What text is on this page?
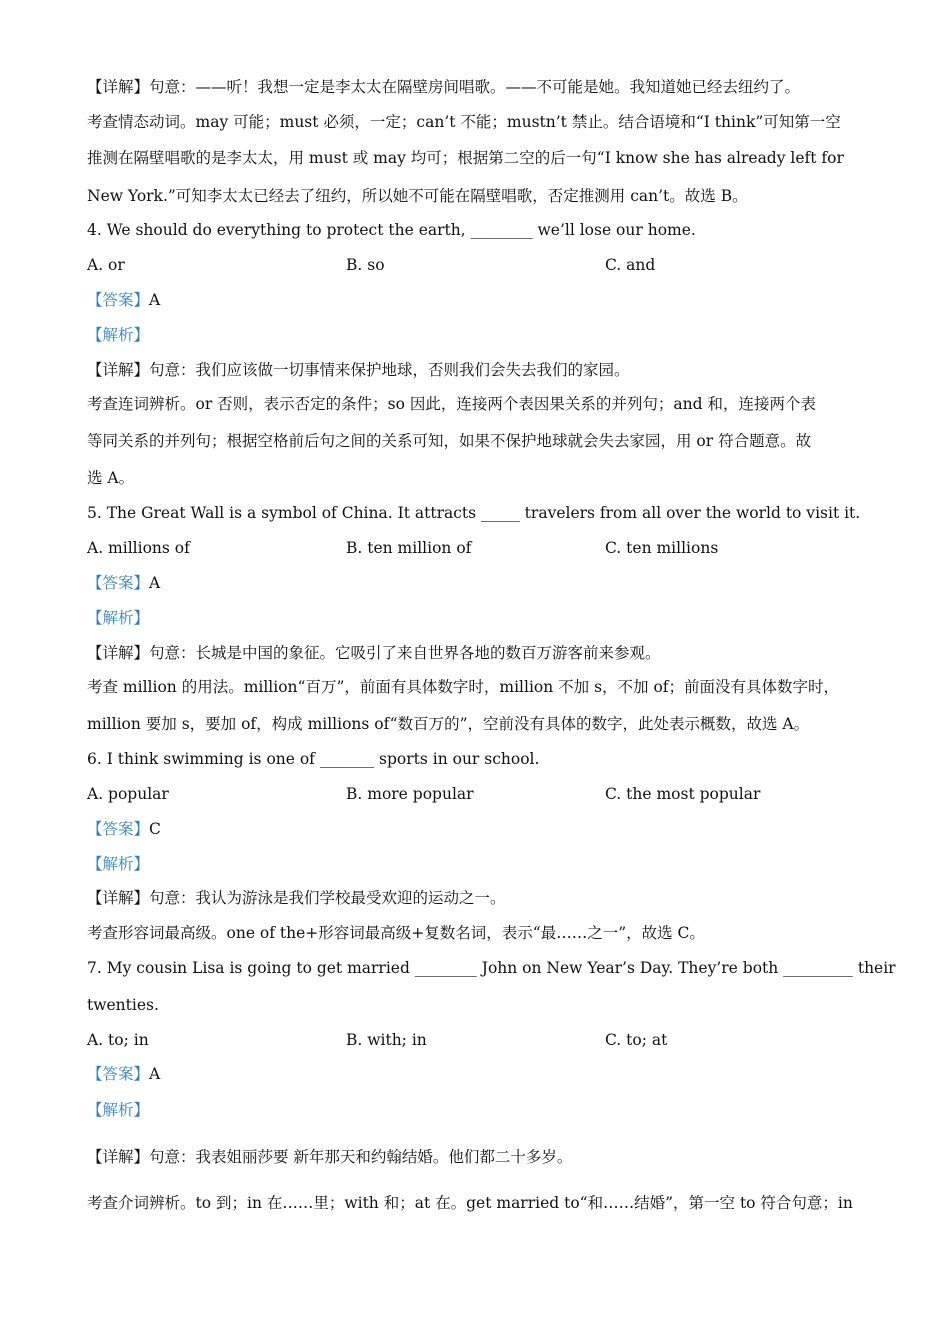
【详解】句意：——听！我想一定是李太太在隔壁房间唱歌。——不可能是她。我知道她已经去纽约了。
考查情态动词。may 可能；must 必须，一定；can’t 不能；mustn’t 禁止。结合语境和“I think”可知第一空
推测在隔壁唱歌的是李太太，用 must 或 may 均可；根据第二空的后一句“I know she has already left for
New York.”可知李太太已经去了纽约，所以她不可能在隔壁唱歌，否定推测用 can’t。故选 B。
4. We should do everything to protect the earth, ________ we’ll lose our home.
A. or	B. so	C. and
【答案】A
【解析】
【详解】句意：我们应该做一切事情来保护地球，否则我们会失去我们的家园。
考查连词辨析。or 否则，表示否定的条件；so 因此，连接两个表因果关系的并列句；and 和，连接两个表
等同关系的并列句；根据空格前后句之间的关系可知，如果不保护地球就会失去家园，用 or 符合题意。故
选 A。
5. The Great Wall is a symbol of China. It attracts _____ travelers from all over the world to visit it.
A. millions of	B. ten million of	C. ten millions
【答案】A
【解析】
【详解】句意：长城是中国的象征。它吸引了来自世界各地的数百万游客前来参观。
考查 million 的用法。million“百万”，前面有具体数字时，million 不加 s，不加 of；前面没有具体数字时，
million 要加 s，要加 of，构成 millions of“数百万的”，空前没有具体的数字，此处表示概数，故选 A。
6. I think swimming is one of _______ sports in our school.
A. popular	B. more popular	C. the most popular
【答案】C
【解析】
【详解】句意：我认为游泳是我们学校最受欢迎的运动之一。
考查形容词最高级。one of the+形容词最高级+复数名词，表示“最……之一”，故选 C。
7. My cousin Lisa is going to get married ________ John on New Year’s Day. They’re both _________ their
twenties.
A. to; in	B. with; in	C. to; at
【答案】A
【解析】
【详解】句意：我表姐丽莎要 新年那天和约翰结婚。他们都二十多岁。
考查介词辨析。to 到；in 在……里；with 和；at 在。get married to“和……结婚”，第一空 to 符合句意；in
